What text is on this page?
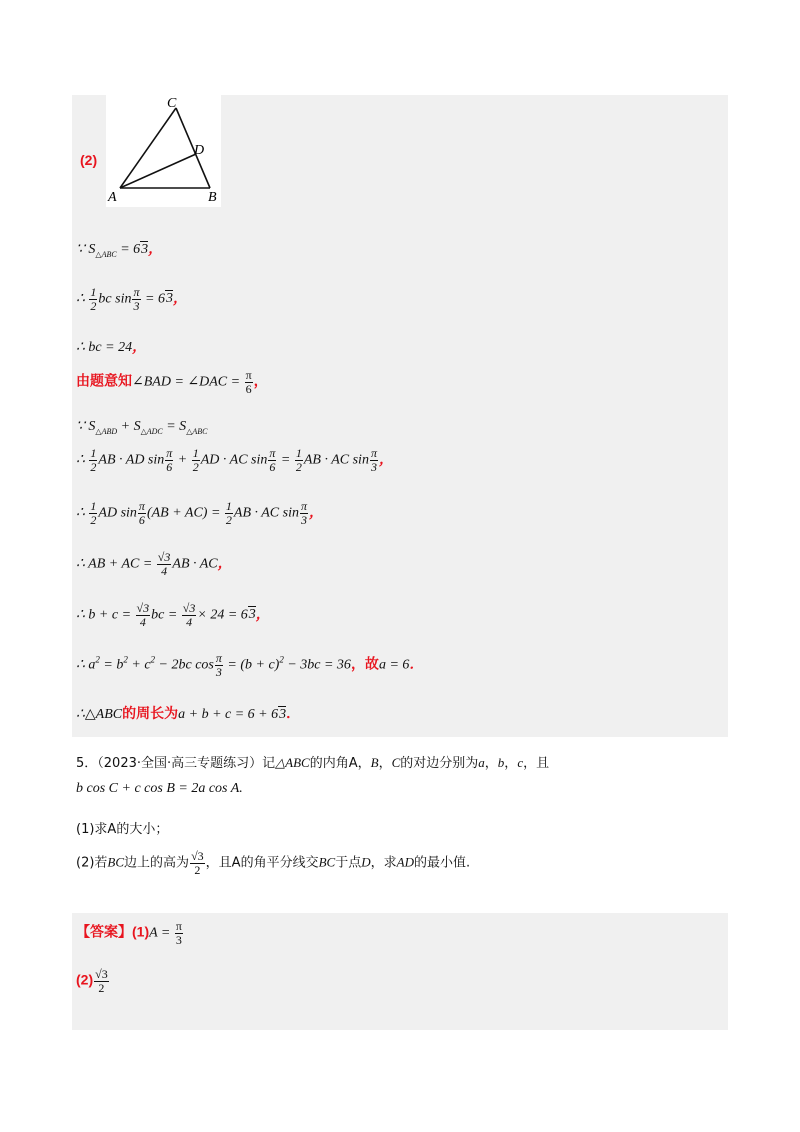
C
D
A	B
(2)
∵ $S_{\triangle ABC} = 63$，
∴ $\frac{1}{2}$ bc $\sin \frac{\pi}{3} = 63$，
∴ bc = 24，
由题意知∠BAD = ∠DAC = $\frac{\pi}{6}$ ，
∵ $S_{\triangle ABD} + S_{\triangle ADC} = S_{\triangle ABC}$
∴ $\frac{1}{2}$ AB · AD $\sin \frac{\pi}{6} + \frac{1}{2}$ AD · AC $\sin \frac{\pi}{6} = \frac{1}{2}$ AB · AC $\sin \frac{\pi}{3}$ ，
∴ $\frac{1}{2}$ AD $\sin \frac{\pi}{6} (AB + AC) = \frac{1}{2}$ AB · AC $\sin \frac{\pi}{3}$ ，
∴ AB + AC = $\frac{√3}{4}$ AB · AC，
∴ $b + c = \frac{√3}{4}$ bc = $\frac{√3}{4} \times 24 = 63$，
∴ $a^2 = b^2 + c^2 - 2bc$ $\cos \frac{\pi}{3} = (b + c)^2 - 3bc = 36$，故a = 6．
∴△ABC的周长为a + b + c = 6 + 63．
5．（2023·全国·高三专题练习）记△ABC的内角A，B，C的对边分别为a，b，c，且
b cos C + c cos B = 2a cos A.
(1)求A的大小；
(2)若BC边上的高为 $\frac{√3}{2}$ ，且A的角平分线交BC于点D，求AD的最小值.
【答案】$(1)A = \frac{\pi}{3}$
$(2) \frac{√3}{2}$
